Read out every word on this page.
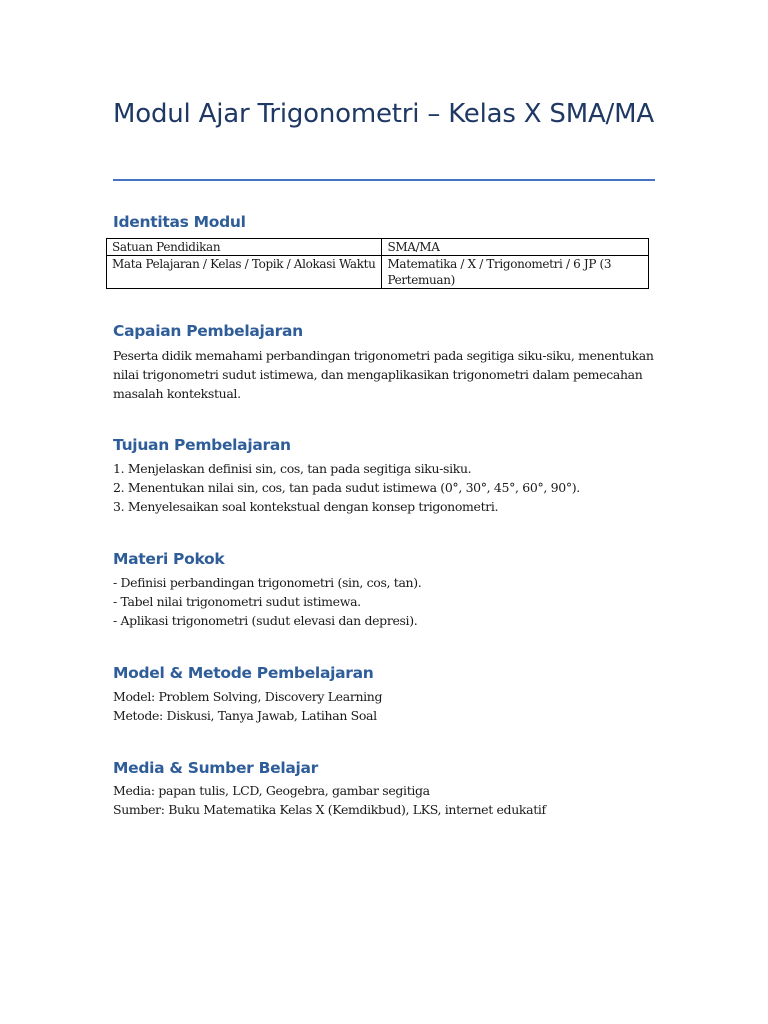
Modul Ajar Trigonometri – Kelas X SMA/MA
Identitas Modul
Satuan Pendidikan	SMA/MA
Mata Pelajaran / Kelas / Topik / Alokasi Waktu	Matematika / X / Trigonometri / 6 JP (3 Pertemuan)
Capaian Pembelajaran

Peserta didik memahami perbandingan trigonometri pada segitiga siku-siku, menentukan
nilai trigonometri sudut istimewa, dan mengaplikasikan trigonometri dalam pemecahan
masalah kontekstual.

Tujuan Pembelajaran

1. Menjelaskan definisi sin, cos, tan pada segitiga siku-siku.
2. Menentukan nilai sin, cos, tan pada sudut istimewa (0°, 30°, 45°, 60°, 90°).
3. Menyelesaikan soal kontekstual dengan konsep trigonometri.

Materi Pokok

- Definisi perbandingan trigonometri (sin, cos, tan).
- Tabel nilai trigonometri sudut istimewa.
- Aplikasi trigonometri (sudut elevasi dan depresi).

Model & Metode Pembelajaran

Model: Problem Solving, Discovery Learning
Metode: Diskusi, Tanya Jawab, Latihan Soal

Media & Sumber Belajar

Media: papan tulis, LCD, Geogebra, gambar segitiga
Sumber: Buku Matematika Kelas X (Kemdikbud), LKS, internet edukatif
